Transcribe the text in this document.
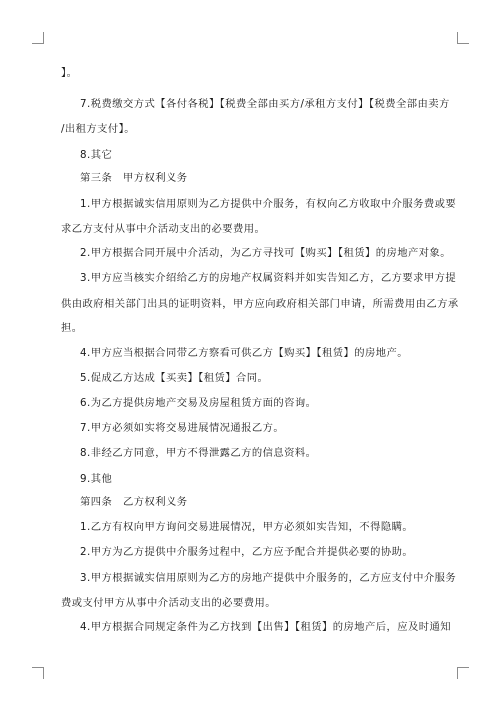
】。
7.税费缴交方式【各付各税】【税费全部由买方/承租方支付】【税费全部由卖方
/出租方支付】。
8.其它
第三条　甲方权利义务
1.甲方根据诚实信用原则为乙方提供中介服务，有权向乙方收取中介服务费或要
求乙方支付从事中介活动支出的必要费用。
2.甲方根据合同开展中介活动，为乙方寻找可【购买】【租赁】的房地产对象。
3.甲方应当核实介绍给乙方的房地产权属资料并如实告知乙方，乙方要求甲方提
供由政府相关部门出具的证明资料，甲方应向政府相关部门申请，所需费用由乙方承
担。
4.甲方应当根据合同带乙方察看可供乙方【购买】【租赁】的房地产。
5.促成乙方达成【买卖】【租赁】合同。
6.为乙方提供房地产交易及房屋租赁方面的咨询。
7.甲方必须如实将交易进展情况通报乙方。
8.非经乙方同意，甲方不得泄露乙方的信息资料。
9.其他
第四条　乙方权利义务
1.乙方有权向甲方询问交易进展情况，甲方必须如实告知，不得隐瞒。
2.甲方为乙方提供中介服务过程中，乙方应予配合并提供必要的协助。
3.甲方根据诚实信用原则为乙方的房地产提供中介服务的，乙方应支付中介服务
费或支付甲方从事中介活动支出的必要费用。
4.甲方根据合同规定条件为乙方找到【出售】【租赁】的房地产后，应及时通知
